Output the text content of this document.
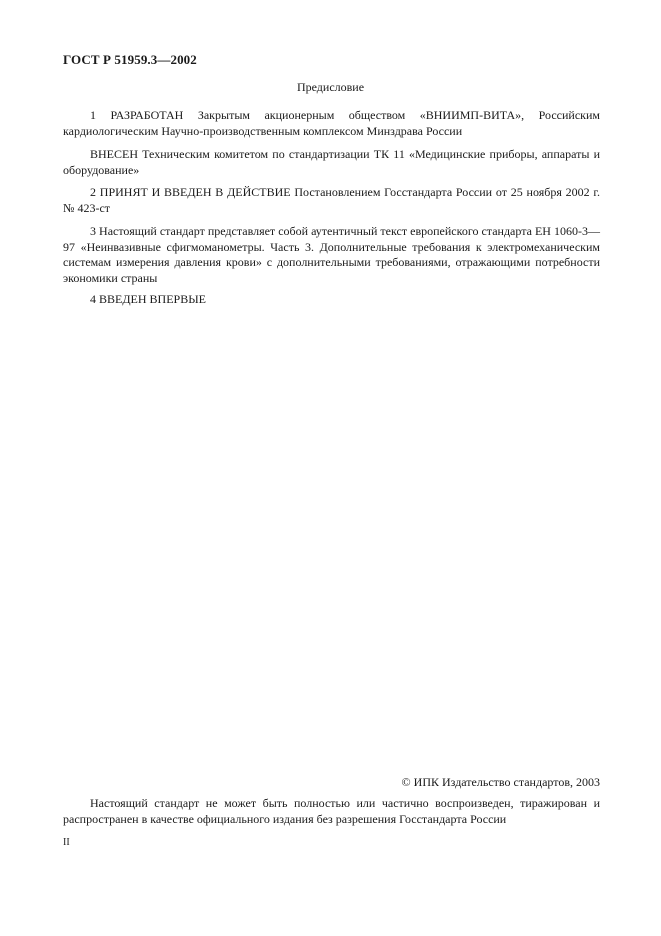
ГОСТ Р 51959.3—2002
Предисловие
1 РАЗРАБОТАН Закрытым акционерным обществом «ВНИИМП-ВИТА», Российским кардиологическим Научно-производственным комплексом Минздрава России
ВНЕСЕН Техническим комитетом по стандартизации ТК 11 «Медицинские приборы, аппараты и оборудование»
2 ПРИНЯТ И ВВЕДЕН В ДЕЙСТВИЕ Постановлением Госстандарта России от 25 ноября 2002 г. № 423-ст
3 Настоящий стандарт представляет собой аутентичный текст европейского стандарта ЕН 1060-3—97 «Неинвазивные сфигмоманометры. Часть 3. Дополнительные требования к электромеханическим системам измерения давления крови» с дополнительными требованиями, отражающими потребности экономики страны
4 ВВЕДЕН ВПЕРВЫЕ
© ИПК Издательство стандартов, 2003
Настоящий стандарт не может быть полностью или частично воспроизведен, тиражирован и распространен в качестве официального издания без разрешения Госстандарта России
II
